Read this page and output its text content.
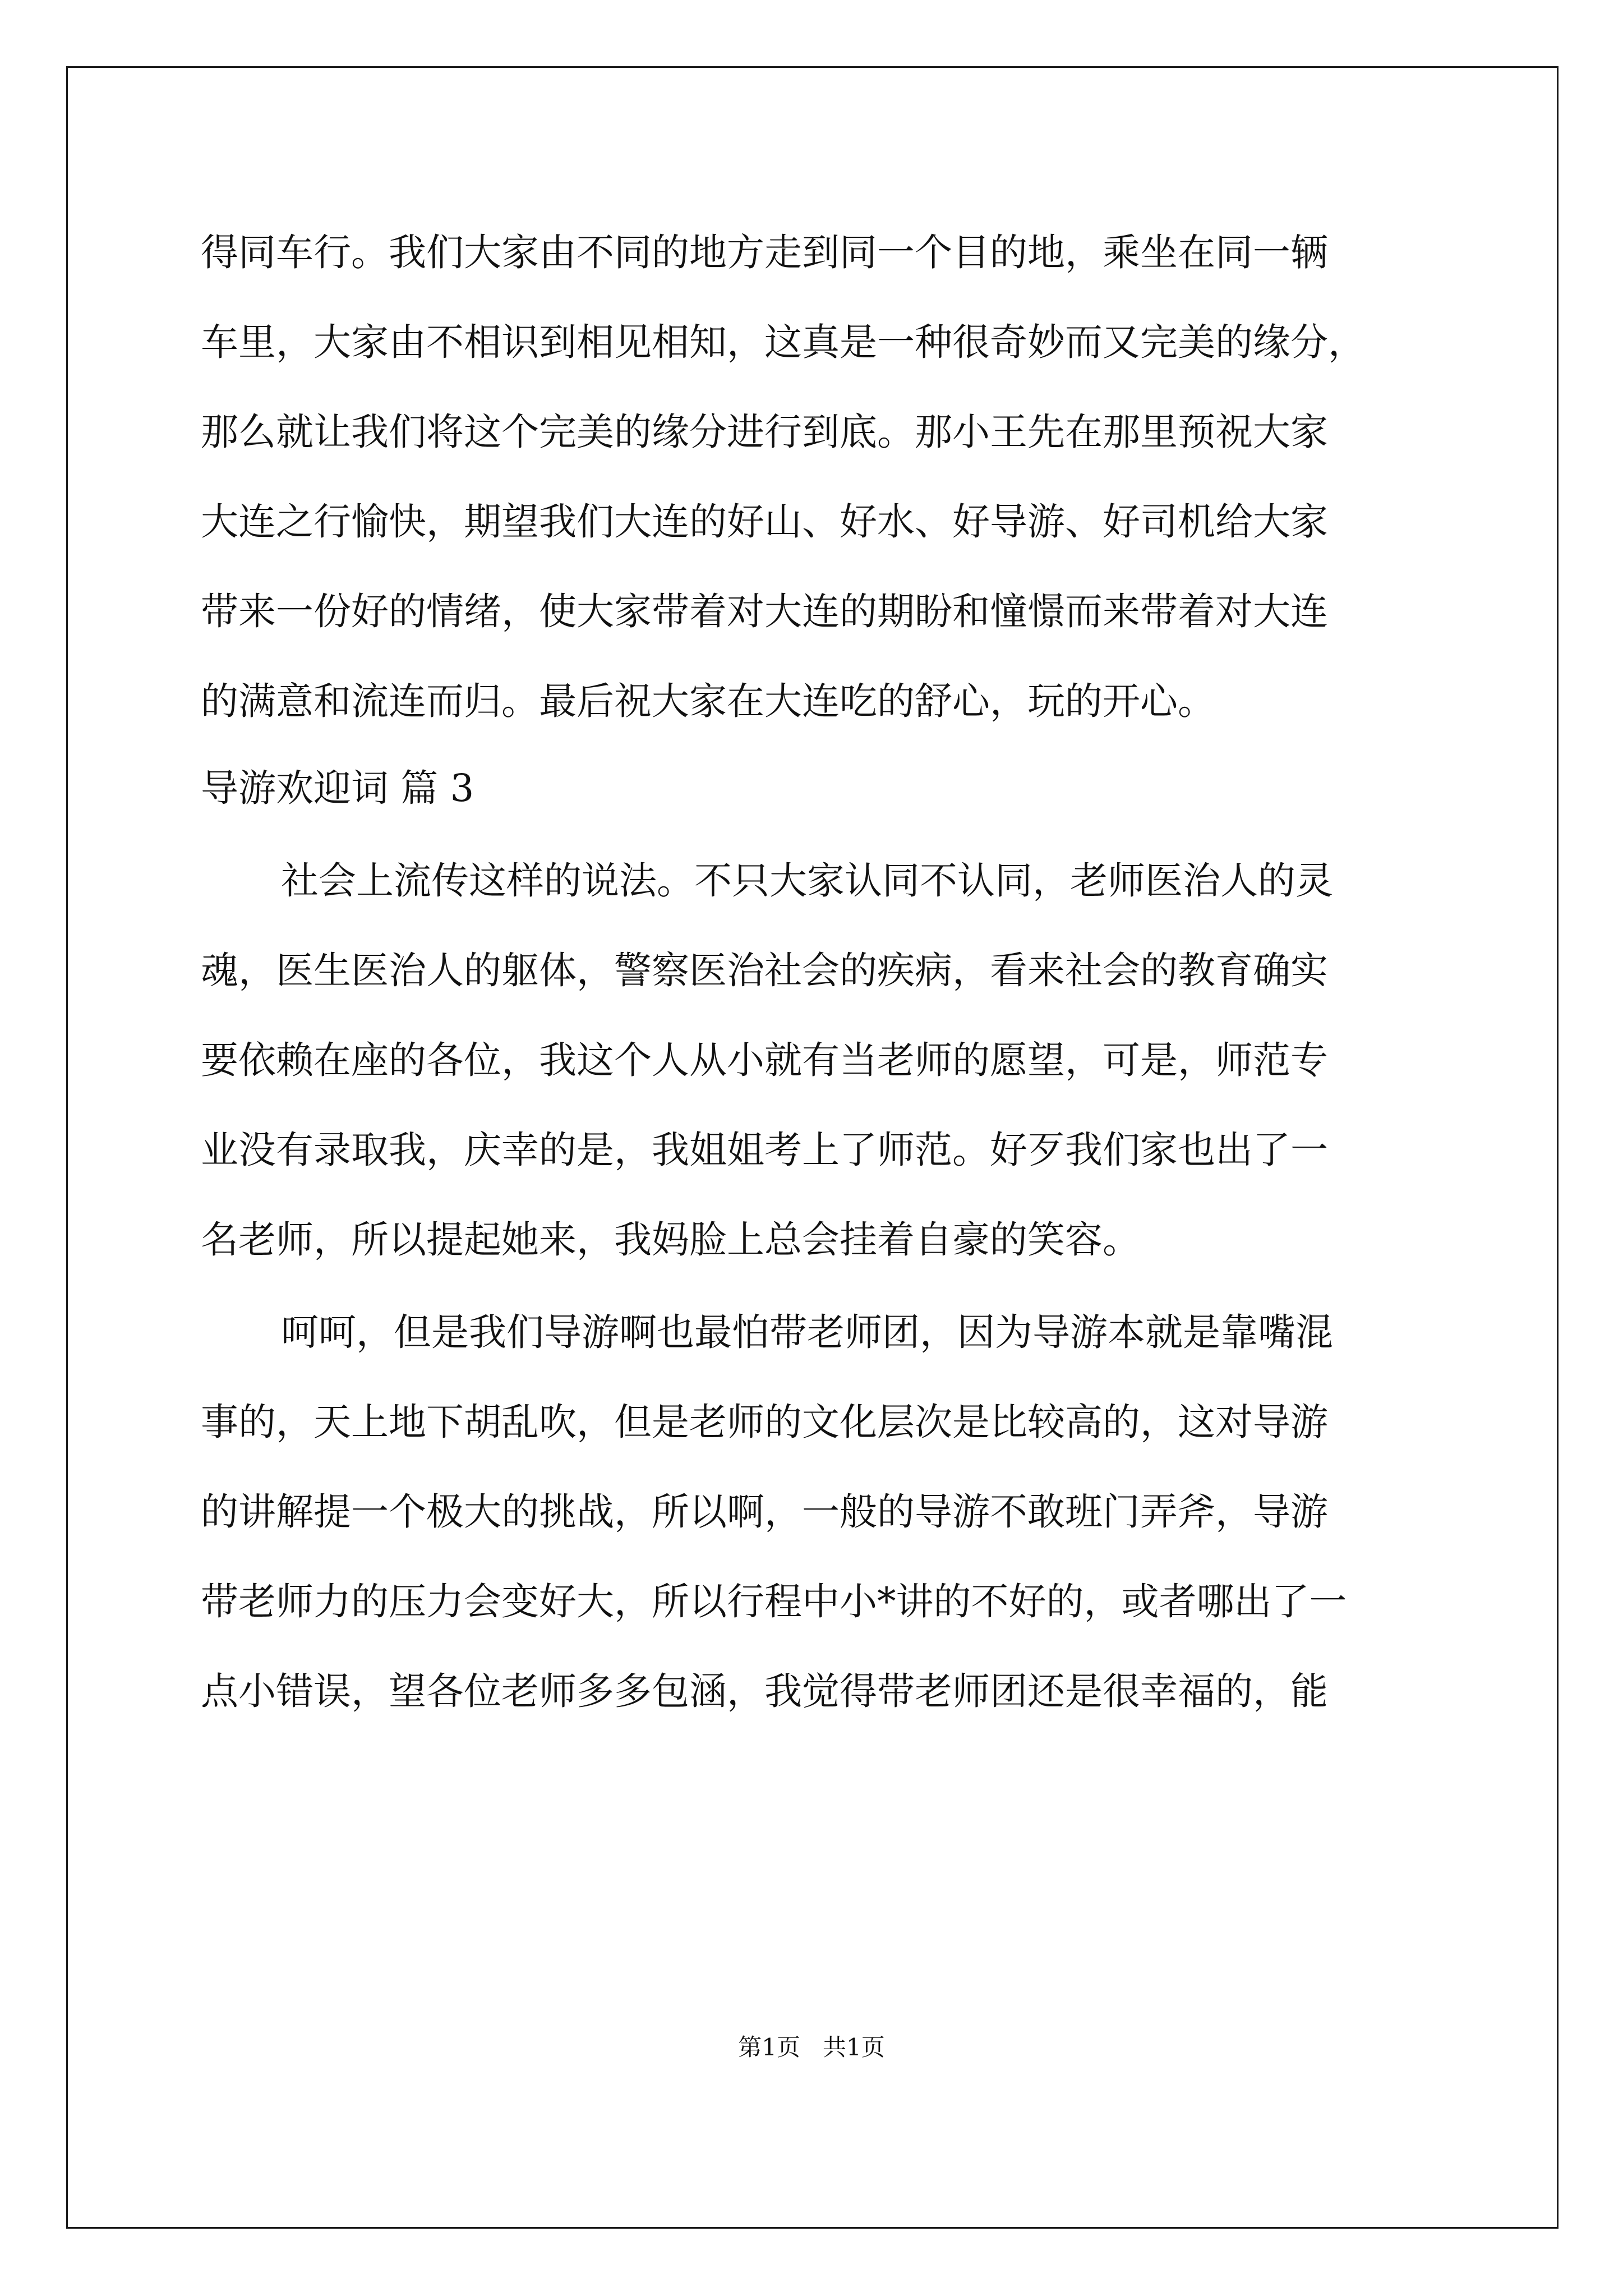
得同车行。我们大家由不同的地方走到同一个目的地，乘坐在同一辆
车里，大家由不相识到相见相知，这真是一种很奇妙而又完美的缘分，
那么就让我们将这个完美的缘分进行到底。那小王先在那里预祝大家
大连之行愉快，期望我们大连的好山、好水、好导游、好司机给大家
带来一份好的情绪，使大家带着对大连的期盼和憧憬而来带着对大连
的满意和流连而归。最后祝大家在大连吃的舒心，玩的开心。
导游欢迎词 篇 3
社会上流传这样的说法。不只大家认同不认同，老师医治人的灵
魂，医生医治人的躯体，警察医治社会的疾病，看来社会的教育确实
要依赖在座的各位，我这个人从小就有当老师的愿望，可是，师范专
业没有录取我，庆幸的是，我姐姐考上了师范。好歹我们家也出了一
名老师，所以提起她来，我妈脸上总会挂着自豪的笑容。
呵呵，但是我们导游啊也最怕带老师团，因为导游本就是靠嘴混
事的，天上地下胡乱吹，但是老师的文化层次是比较高的，这对导游
的讲解提一个极大的挑战，所以啊，一般的导游不敢班门弄斧，导游
带老师力的压力会变好大，所以行程中小*讲的不好的，或者哪出了一
点小错误，望各位老师多多包涵，我觉得带老师团还是很幸福的，能
第1页   共1页
